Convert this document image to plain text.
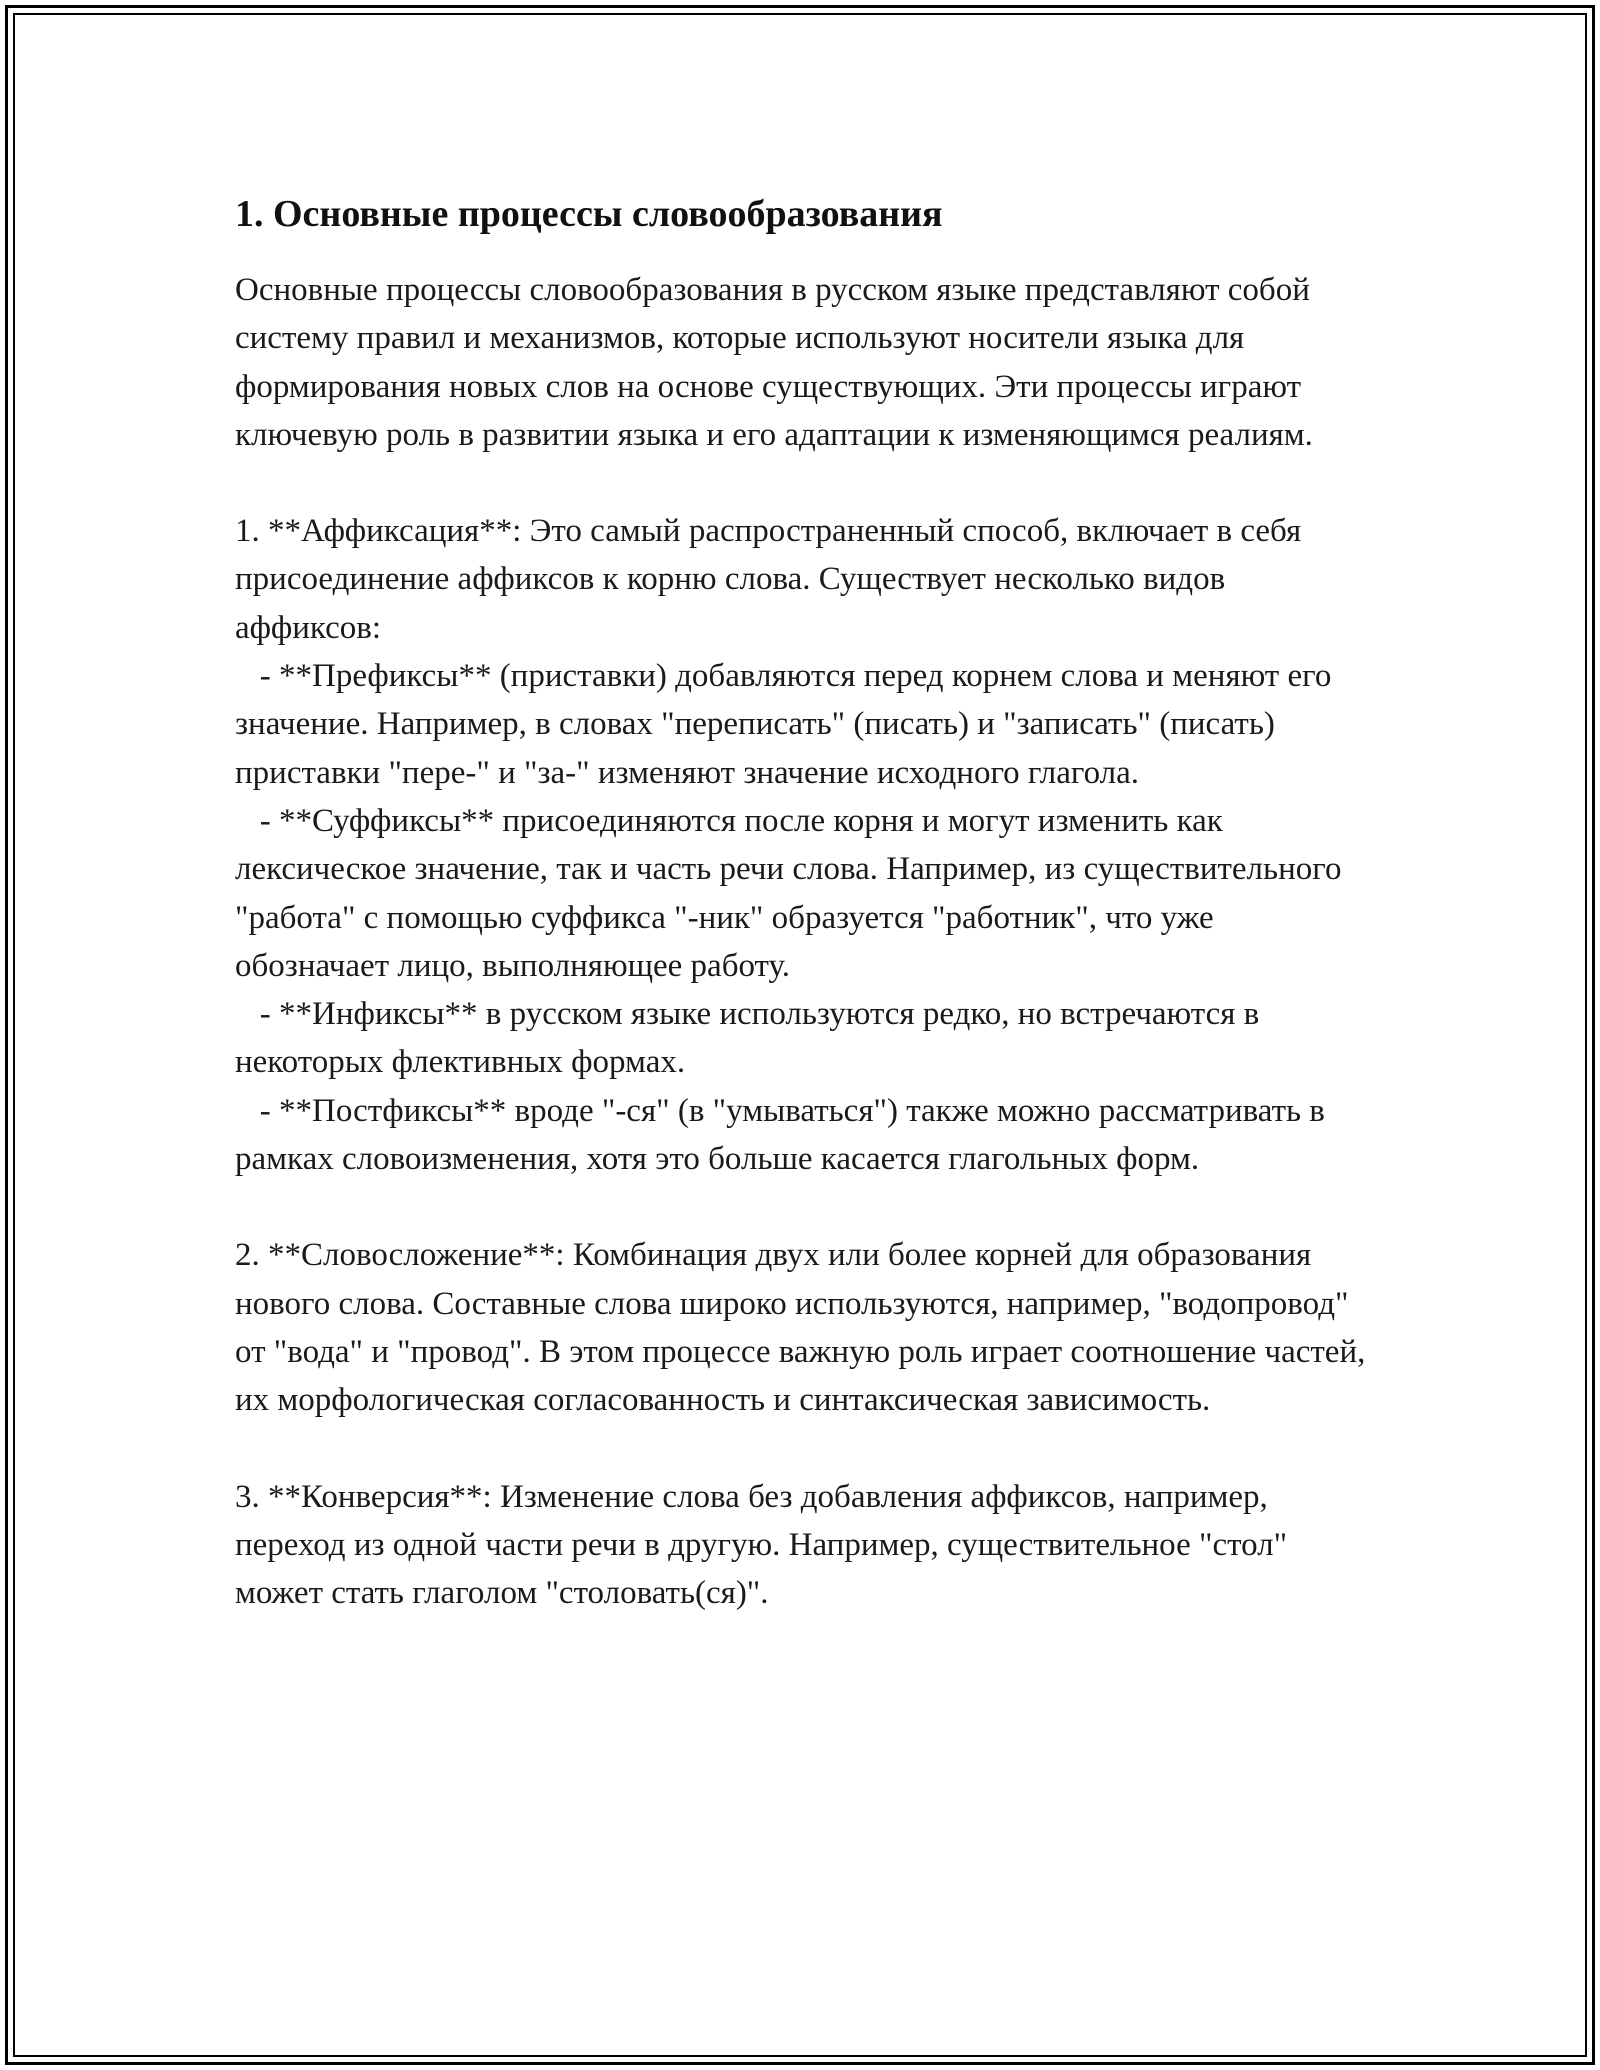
1. Основные процессы словообразования

Основные процессы словообразования в русском языке представляют собой систему правил и механизмов, которые используют носители языка для формирования новых слов на основе существующих. Эти процессы играют ключевую роль в развитии языка и его адаптации к изменяющимся реалиям.

1. **Аффиксация**: Это самый распространенный способ, включает в себя присоединение аффиксов к корню слова. Существует несколько видов аффиксов:
- **Префиксы** (приставки) добавляются перед корнем слова и меняют его значение. Например, в словах "переписать" (писать) и "записать" (писать) приставки "пере-" и "за-" изменяют значение исходного глагола.
- **Суффиксы** присоединяются после корня и могут изменить как лексическое значение, так и часть речи слова. Например, из существительного "работа" с помощью суффикса "-ник" образуется "работник", что уже обозначает лицо, выполняющее работу.
- **Инфиксы** в русском языке используются редко, но встречаются в некоторых флективных формах.
- **Постфиксы** вроде "-ся" (в "умываться") также можно рассматривать в рамках словоизменения, хотя это больше касается глагольных форм.

2. **Словосложение**: Комбинация двух или более корней для образования нового слова. Составные слова широко используются, например, "водопровод" от "вода" и "провод". В этом процессе важную роль играет соотношение частей, их морфологическая согласованность и синтаксическая зависимость.

3. **Конверсия**: Изменение слова без добавления аффиксов, например, переход из одной части речи в другую. Например, существительное "стол" может стать глаголом "столовать(ся)".
